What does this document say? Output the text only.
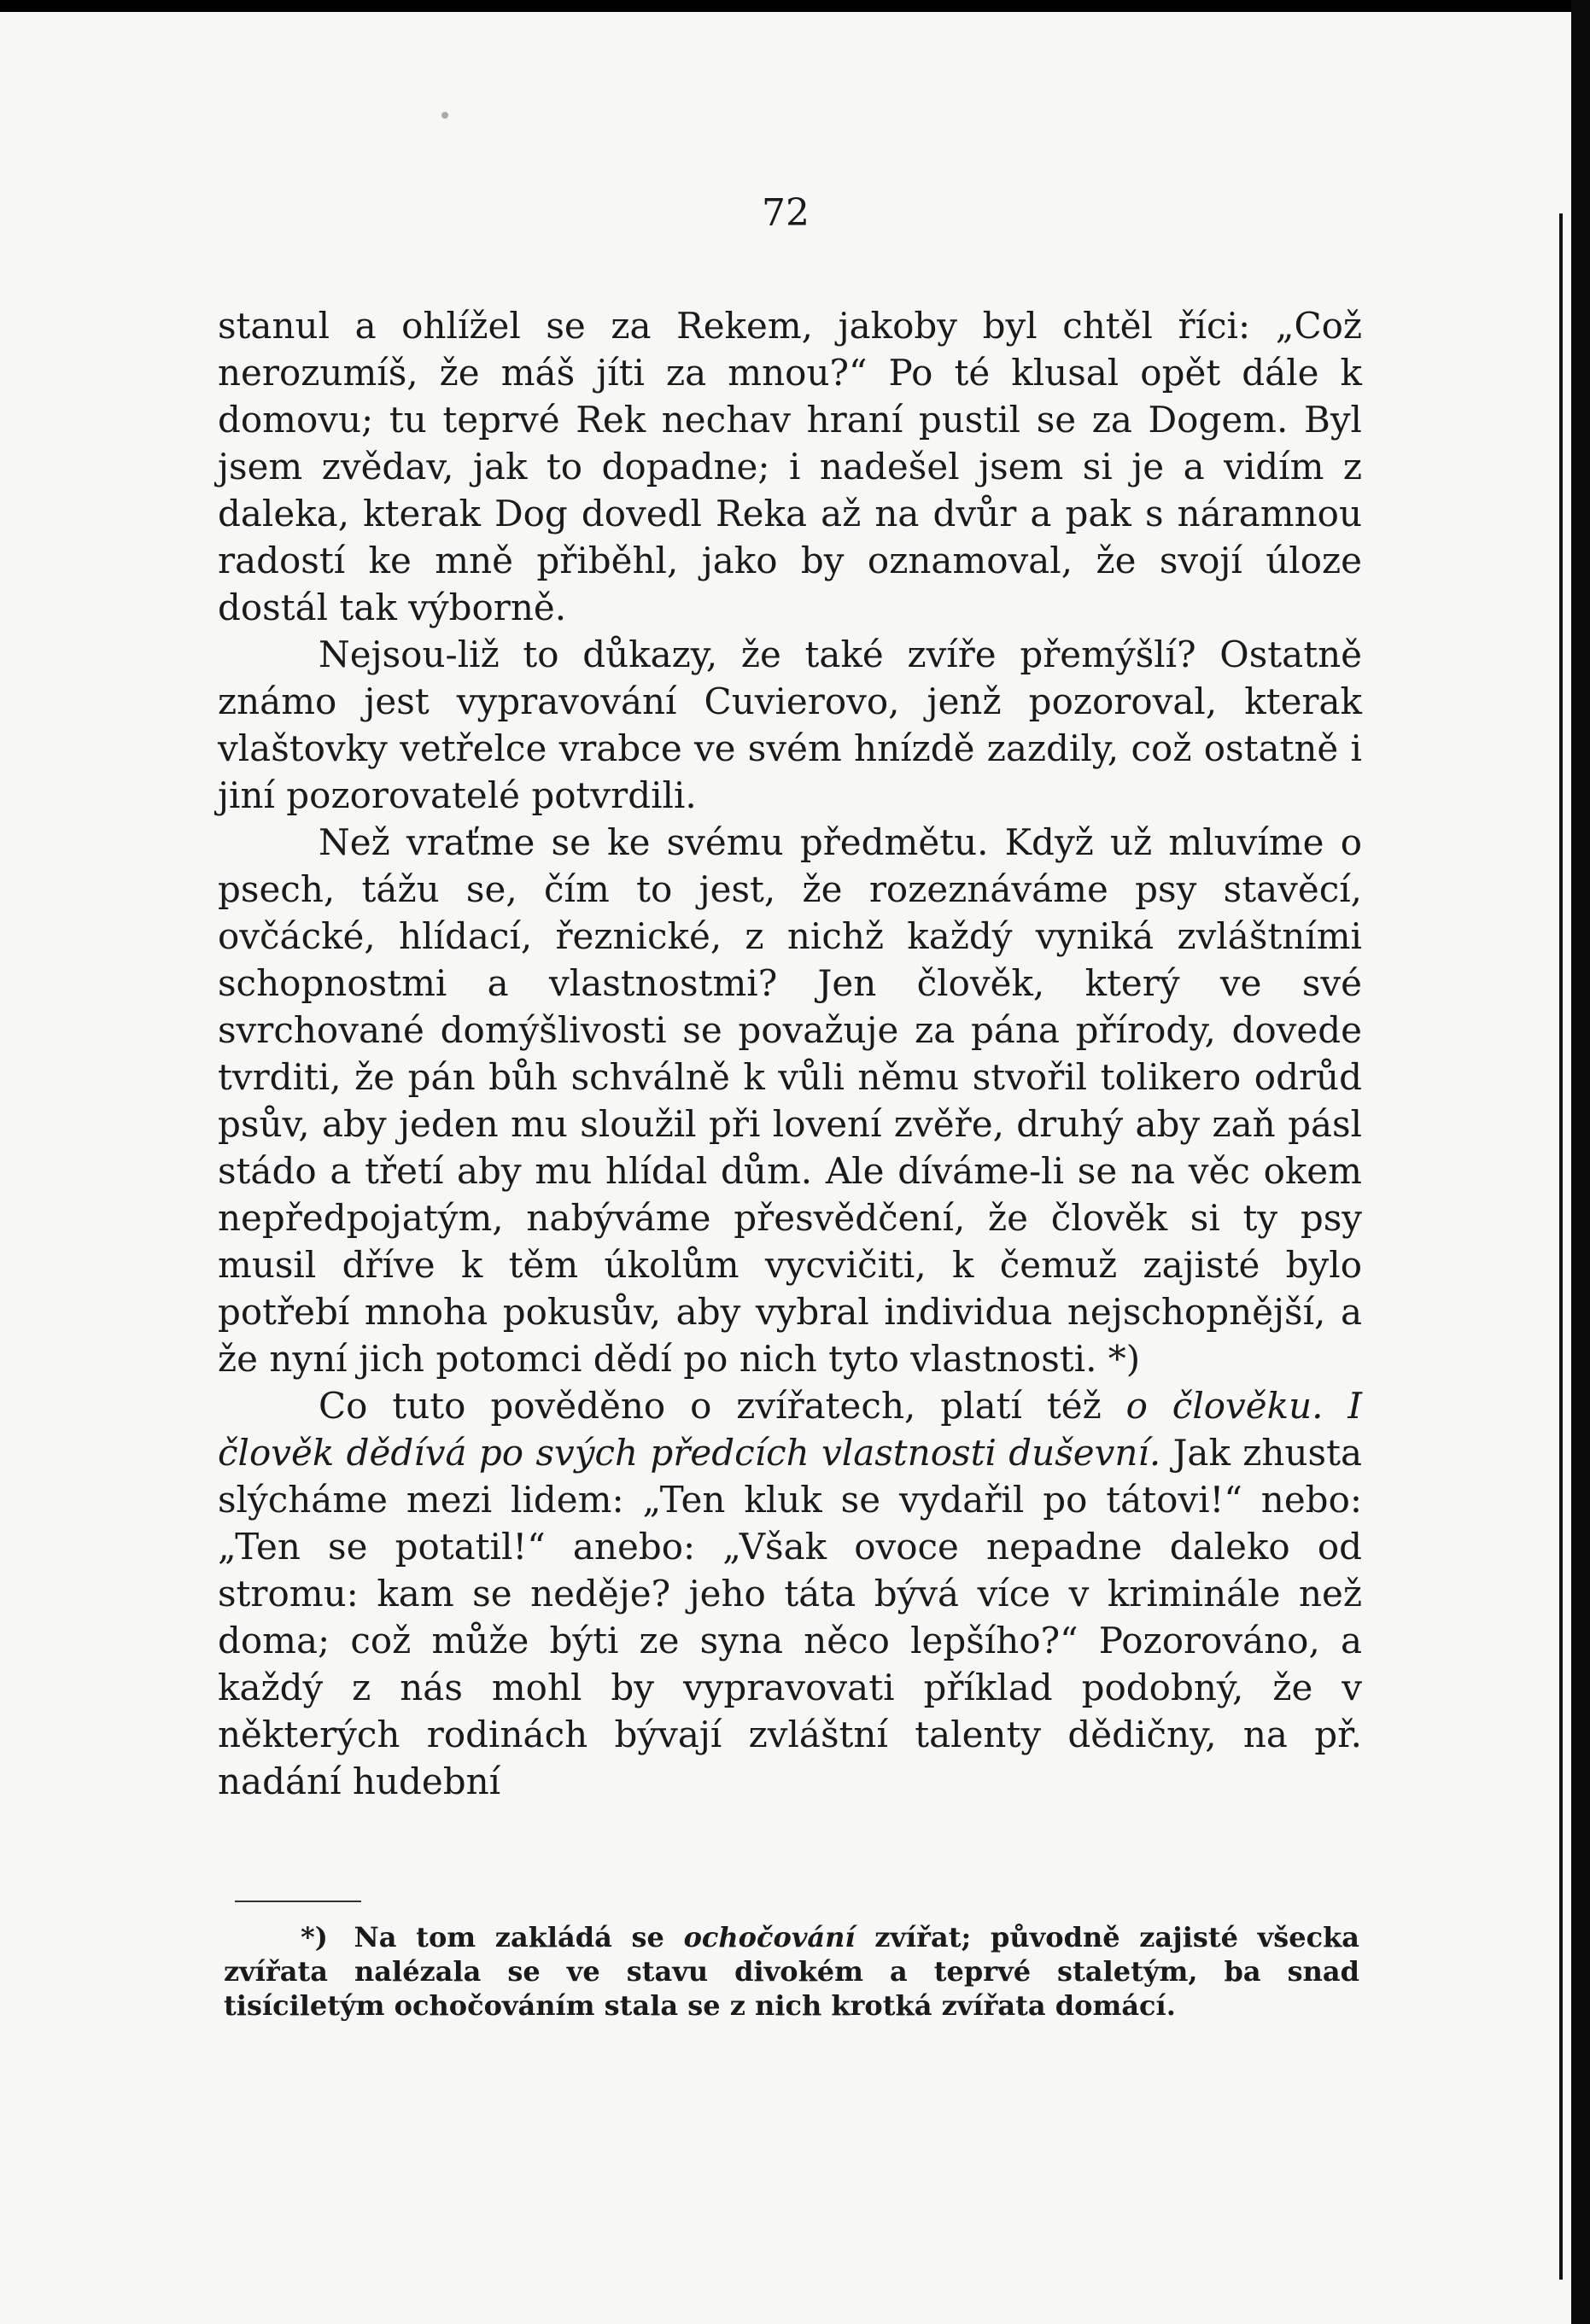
72

stanul a ohlížel se za Rekem, jakoby byl chtěl říci: „Což nerozumíš, že máš jíti za mnou?“ Po té klusal opět dále k domovu; tu teprvé Rek nechav hraní pustil se za Dogem. Byl jsem zvědav, jak to dopadne; i nadešel jsem si je a vidím z daleka, kterak Dog dovedl Reka až na dvůr a pak s náramnou radostí ke mně přiběhl, jako by oznamoval, že svojí úloze dostál tak výborně.

Nejsou-liž to důkazy, že také zvíře přemýšlí? Ostatně známo jest vypravování Cuvierovo, jenž pozoroval, kterak vlaštovky vetřelce vrabce ve svém hnízdě zazdily, což ostatně i jiní pozorovatelé potvrdili.

Než vraťme se ke svému předmětu. Když už mluvíme o psech, tážu se, čím to jest, že rozeznáváme psy stavěcí, ovčácké, hlídací, řeznické, z nichž každý vyniká zvláštními schopnostmi a vlastnostmi? Jen člověk, který ve své svrchované domýšlivosti se považuje za pána přírody, dovede tvrditi, že pán bůh schválně k vůli němu stvořil tolikero odrůd psův, aby jeden mu sloužil při lovení zvěře, druhý aby zaň pásl stádo a třetí aby mu hlídal dům. Ale díváme-li se na věc okem nepředpojatým, nabýváme přesvědčení, že člověk si ty psy musil dříve k těm úkolům vycvičiti, k čemuž zajisté bylo potřebí mnoha pokusův, aby vybral individua nejschopnější, a že nyní jich potomci dědí po nich tyto vlastnosti. *)

Co tuto pověděno o zvířatech, platí též o člověku. I člověk dědívá po svých předcích vlastnosti duševní. Jak zhusta slýcháme mezi lidem: „Ten kluk se vydařil po tátovi!“ nebo: „Ten se potatil!“ anebo: „Však ovoce nepadne daleko od stromu: kam se neděje? jeho táta bývá více v kriminále než doma; což může býti ze syna něco lepšího?“ Pozorováno, a každý z nás mohl by vypravovati příklad podobný, že v některých rodinách bývají zvláštní talenty dědičny, na př. nadání hudební

*) Na tom zakládá se ochočování zvířat; původně zajisté všecka zvířata nalézala se ve stavu divokém a teprvé staletým, ba snad tisíciletým ochočováním stala se z nich krotká zvířata domácí.
